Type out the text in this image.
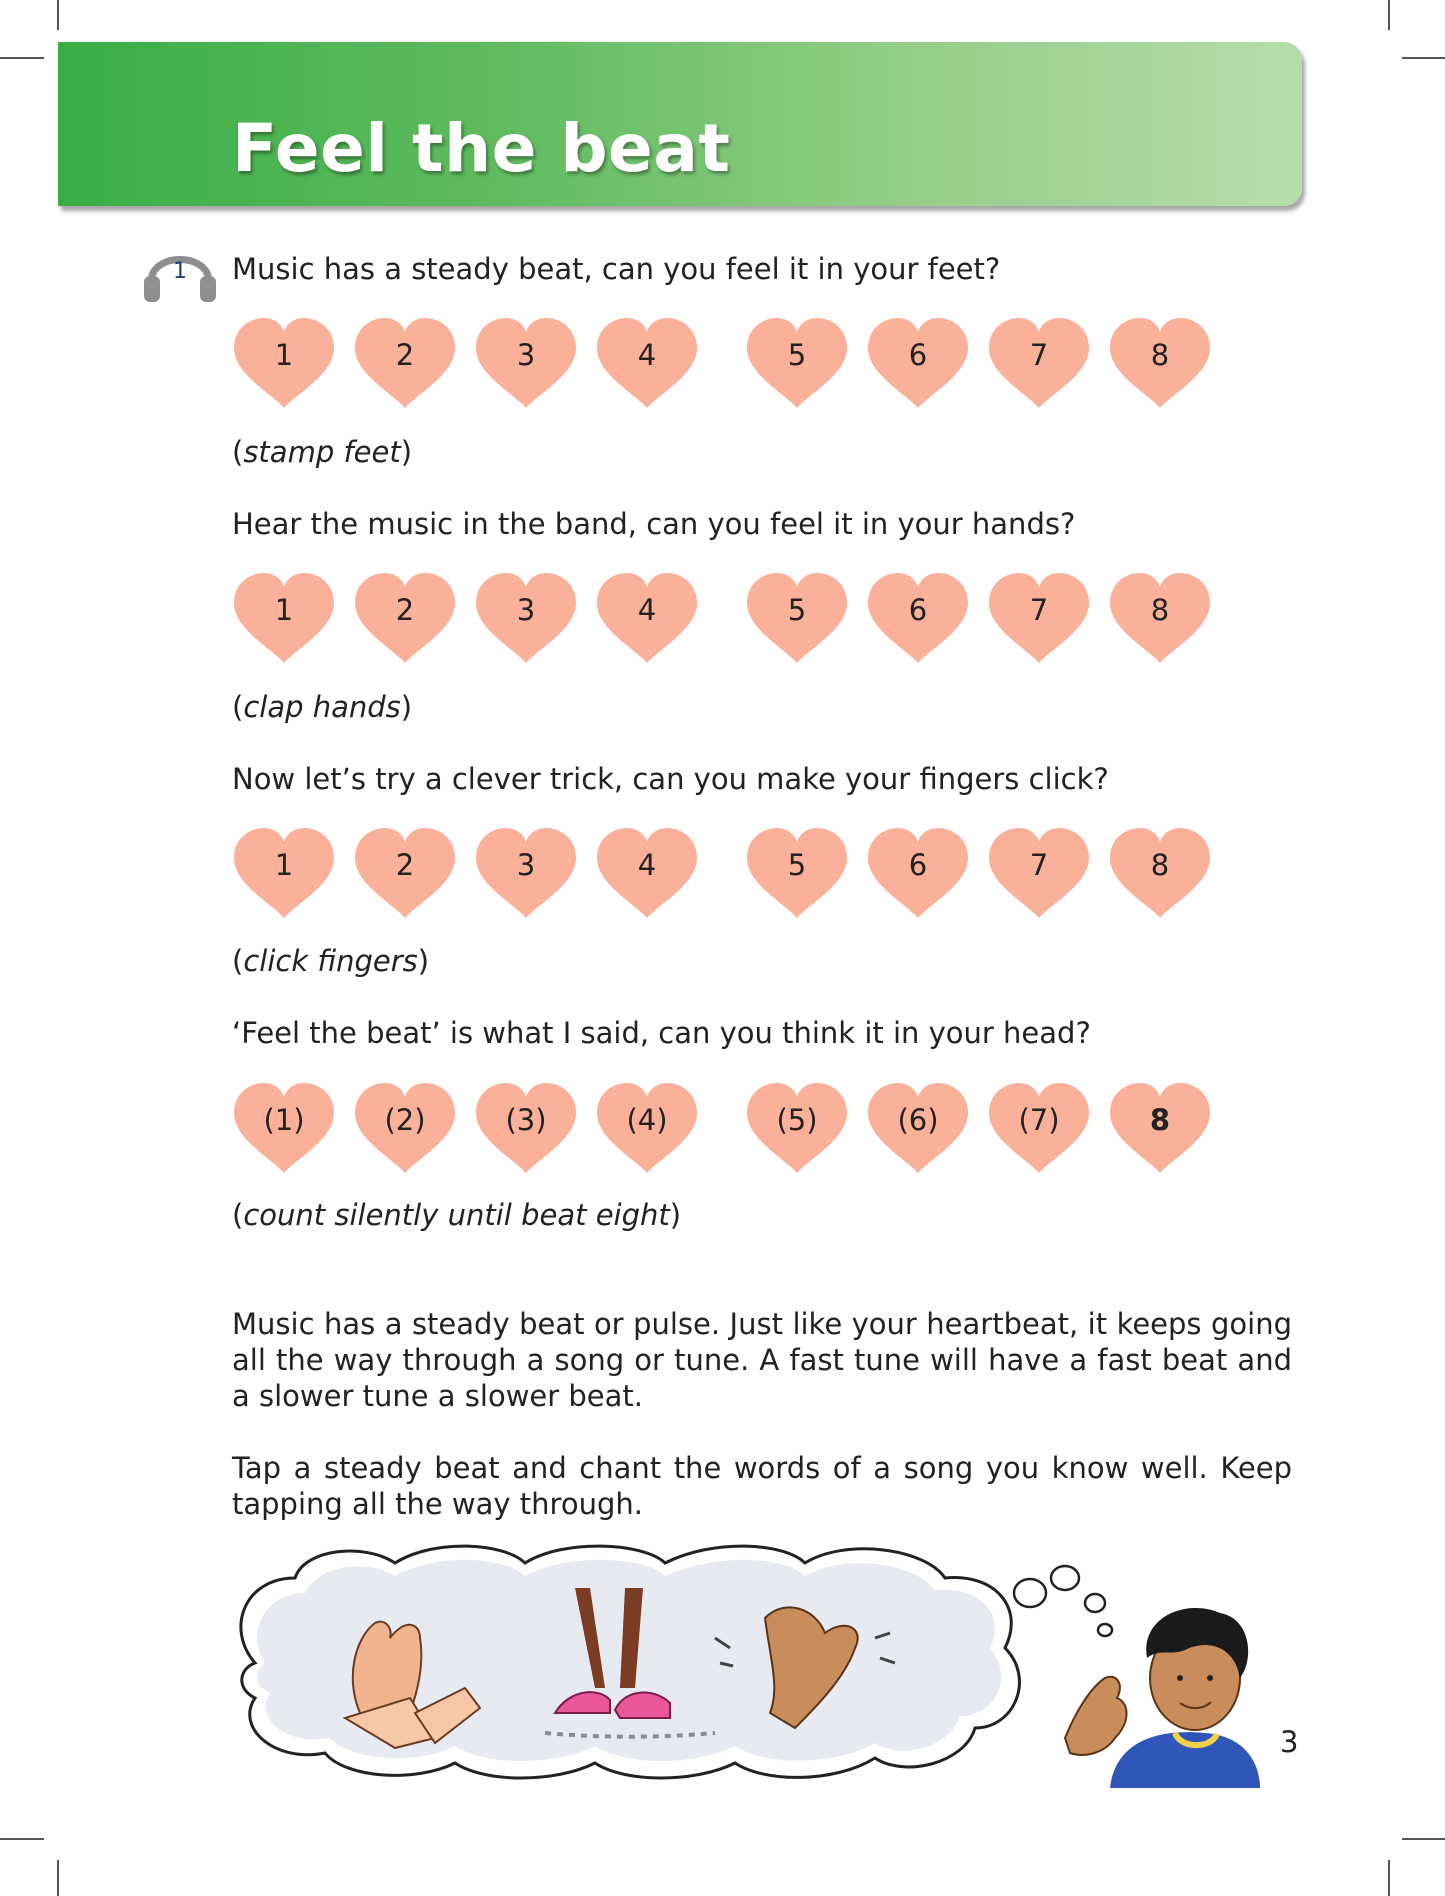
Feel the beat
1 Music has a steady beat, can you feel it in your feet?
1	2	3	4	5	6	7	8
(stamp feet)
Hear the music in the band, can you feel it in your hands?
1	2	3	4	5	6	7	8
(clap hands)
Now let’s try a clever trick, can you make your fingers click?
1	2	3	4	5	6	7	8
(click fingers)
‘Feel the beat’ is what I said, can you think it in your head?
(1)	(2)	(3)	(4)	(5)	(6)	(7)	8
(count silently until beat eight)
Music has a steady beat or pulse. Just like your heartbeat, it keeps going all the way through a song or tune. A fast tune will have a fast beat and a slower tune a slower beat.
Tap a steady beat and chant the words of a song you know well. Keep tapping all the way through.
3
